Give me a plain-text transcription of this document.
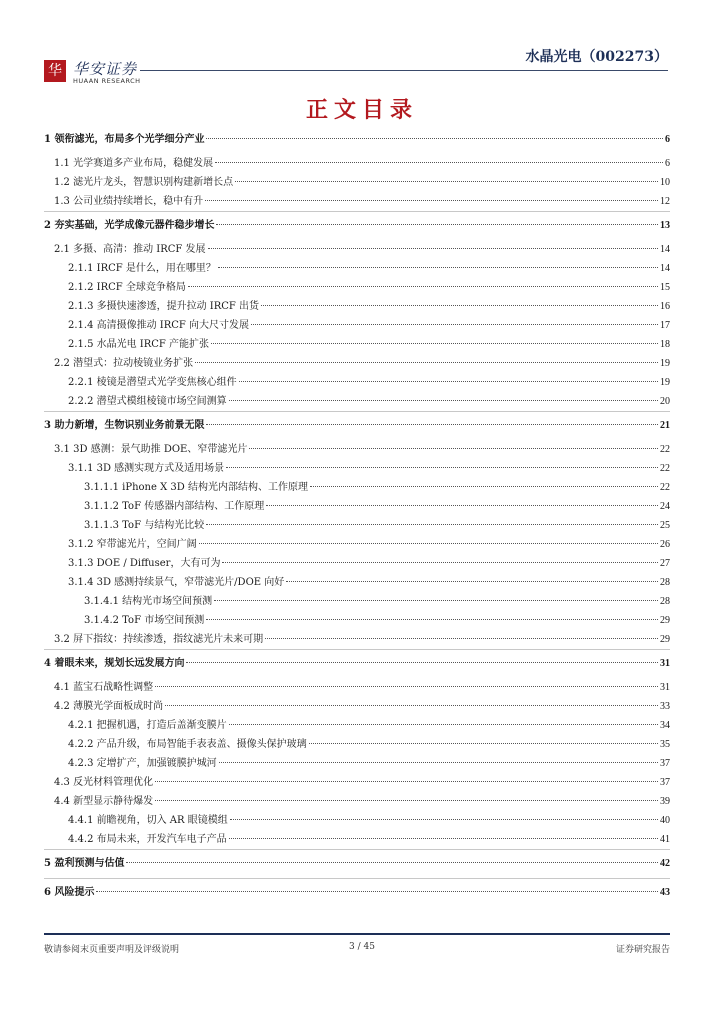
华 华安证券
HUAAN RESEARCH
水晶光电（002273）
正文目录
1 领衔滤光，布局多个光学细分产业	6
1.1 光学赛道多产业布局，稳健发展	6
1.2 滤光片龙头，智慧识别构建新增长点	10
1.3 公司业绩持续增长，稳中有升	12
2 夯实基础，光学成像元器件稳步增长	13
2.1 多摄、高清：推动 IRCF 发展	14
2.1.1 IRCF 是什么，用在哪里？	14
2.1.2 IRCF 全球竞争格局	15
2.1.3 多摄快速渗透，提升拉动 IRCF 出货	16
2.1.4 高清摄像推动 IRCF 向大尺寸发展	17
2.1.5 水晶光电 IRCF 产能扩张	18
2.2 潜望式：拉动棱镜业务扩张	19
2.2.1 棱镜是潜望式光学变焦核心组件	19
2.2.2 潜望式模组棱镜市场空间测算	20
3 助力新增，生物识别业务前景无限	21
3.1 3D 感测：景气助推 DOE、窄带滤光片	22
3.1.1 3D 感测实现方式及适用场景	22
3.1.1.1 iPhone X 3D 结构光内部结构、工作原理	22
3.1.1.2 ToF 传感器内部结构、工作原理	24
3.1.1.3 ToF 与结构光比较	25
3.1.2 窄带滤光片，空间广阔	26
3.1.3 DOE / Diffuser，大有可为	27
3.1.4 3D 感测持续景气，窄带滤光片/DOE 向好	28
3.1.4.1 结构光市场空间预测	28
3.1.4.2 ToF 市场空间预测	29
3.2 屏下指纹：持续渗透，指纹滤光片未来可期	29
4 着眼未来，规划长远发展方向	31
4.1 蓝宝石战略性调整	31
4.2 薄膜光学面板成时尚	33
4.2.1 把握机遇，打造后盖渐变膜片	34
4.2.2 产品升级，布局智能手表表盖、摄像头保护玻璃	35
4.2.3 定增扩产，加强镀膜护城河	37
4.3 反光材料管理优化	37
4.4 新型显示静待爆发	39
4.4.1 前瞻视角，切入 AR 眼镜模组	40
4.4.2 布局未来，开发汽车电子产品	41
5 盈利预测与估值	42
6 风险提示	43
敬请参阅末页重要声明及评级说明	3 / 45	证券研究报告
